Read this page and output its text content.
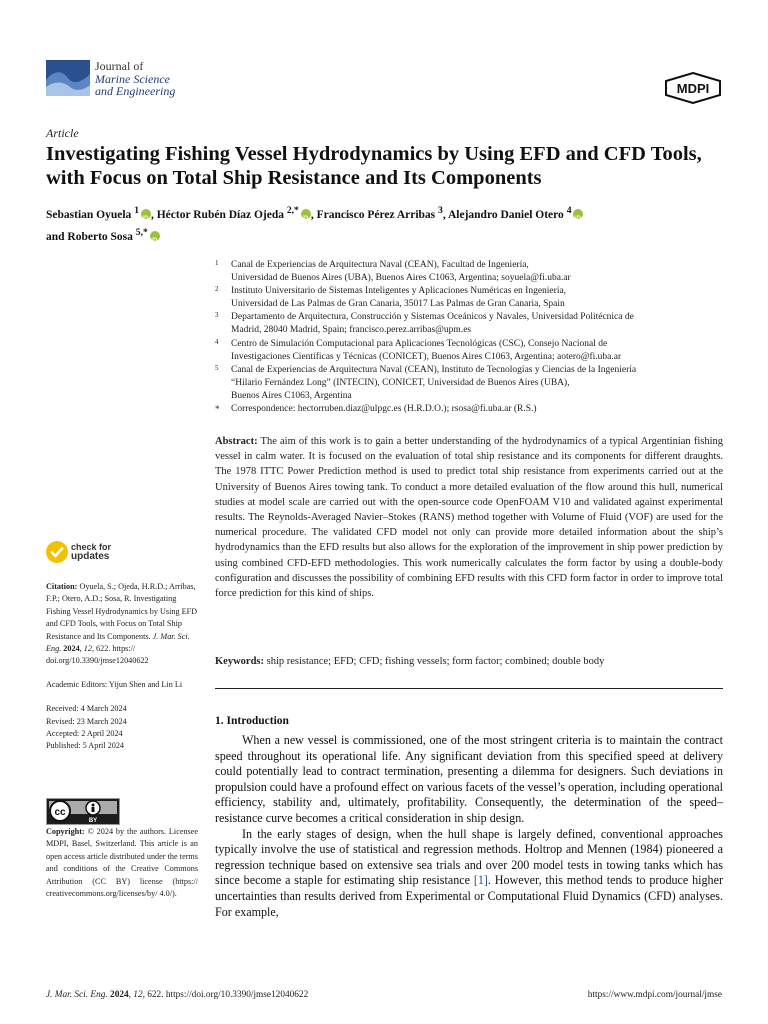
Journal of
Marine Science
and Engineering	MDPI
Article
Investigating Fishing Vessel Hydrodynamics by Using EFD and CFD Tools, with Focus on Total Ship Resistance and Its Components
Sebastian Oyuela $^1$ iD , Héctor Rubén Díaz Ojeda $^{2,*}$ iD , Francisco Pérez Arribas $^3$, Alejandro Daniel Otero $^4$iD
and Roberto Sosa $^{5,*}$iD
1 Canal de Experiencias de Arquitectura Naval (CEAN), Facultad de Ingeniería,
Universidad de Buenos Aires (UBA), Buenos Aires C1063, Argentina; soyuela@fi.uba.ar
2 Instituto Universitario de Sistemas Inteligentes y Aplicaciones Numéricas en Ingeniería,
Universidad de Las Palmas de Gran Canaria, 35017 Las Palmas de Gran Canaria, Spain
3 Departamento de Arquitectura, Construcción y Sistemas Oceánicos y Navales, Universidad Politécnica de
Madrid, 28040 Madrid, Spain; francisco.perez.arribas@upm.es
4 Centro de Simulación Computacional para Aplicaciones Tecnológicas (CSC), Consejo Nacional de
Investigaciones Científicas y Técnicas (CONICET), Buenos Aires C1063, Argentina; aotero@fi.uba.ar
5 Canal de Experiencias de Arquitectura Naval (CEAN), Instituto de Tecnologías y Ciencias de la Ingeniería
“Hilario Fernández Long” (INTECIN), CONICET, Universidad de Buenos Aires (UBA),
Buenos Aires C1063, Argentina
* Correspondence: hectorruben.diaz@ulpgc.es (H.R.D.O.); rsosa@fi.uba.ar (R.S.)
Abstract: The aim of this work is to gain a better understanding of the hydrodynamics of a typical Argentinian fishing vessel in calm water. It is focused on the evaluation of total ship resistance and its components for different draughts. The 1978 ITTC Power Prediction method is used to predict total ship resistance from experiments carried out at the University of Buenos Aires towing tank. To conduct a more detailed evaluation of the flow around this hull, numerical studies at model scale are carried out with the open-source code OpenFOAM V10 and validated against experimental results. The Reynolds-Averaged Navier–Stokes (RANS) method together with Volume of Fluid (VOF) are used for the numerical procedure. The validated CFD model not only can provide more detailed information about the ship’s hydrodynamics than the EFD results but also allows for the exploration of the improvement in ship power prediction by using combined CFD-EFD methodologies. This work numerically calculates the form factor by using a double-body configuration and discusses the possibility of combining EFD results with this CFD form factor in order to improve total force prediction for this kind of ships.
Keywords: ship resistance; EFD; CFD; fishing vessels; form factor; combined; double body
check for
updates

Citation: Oyuela, S.; Ojeda, H.R.D.; Arribas, F.P.; Otero, A.D.; Sosa, R. Investigating Fishing Vessel Hydrodynamics by Using EFD and CFD Tools, with Focus on Total Ship Resistance and Its Components. J. Mar. Sci. Eng. 2024, 12, 622. https:// doi.org/10.3390/jmse12040622

Academic Editors: Yijun Shen and Lin Li

Received: 4 March 2024
Revised: 23 March 2024
Accepted: 2 April 2024
Published: 5 April 2024

cc
BY
Copyright: © 2024 by the authors. Licensee MDPI, Basel, Switzerland. This article is an open access article distributed under the terms and conditions of the Creative Commons Attribution (CC BY) license (https:// creativecommons.org/licenses/by/ 4.0/).
1. Introduction

When a new vessel is commissioned, one of the most stringent criteria is to maintain the contract speed throughout its operational life. Any significant deviation from this specified speed at delivery could potentially lead to contract termination, presenting a dilemma for designers. Such deviations in propulsion could have a profound effect on various facets of the vessel’s operation, including operational efficiency, stability and, ultimately, profitability. Consequently, the determination of the speed–resistance curve becomes a critical consideration in ship design.

In the early stages of design, when the hull shape is largely defined, conventional approaches typically involve the use of statistical and regression methods. Holtrop and Mennen (1984) pioneered a regression technique based on extensive sea trials and over 200 model tests in towing tanks which has since become a staple for estimating ship resistance [1]. However, this method tends to produce higher uncertainties than results derived from Experimental or Computational Fluid Dynamics (CFD) analyses. For example,

J. Mar. Sci. Eng. 2024, 12, 622. https://doi.org/10.3390/jmse12040622	https://www.mdpi.com/journal/jmse
